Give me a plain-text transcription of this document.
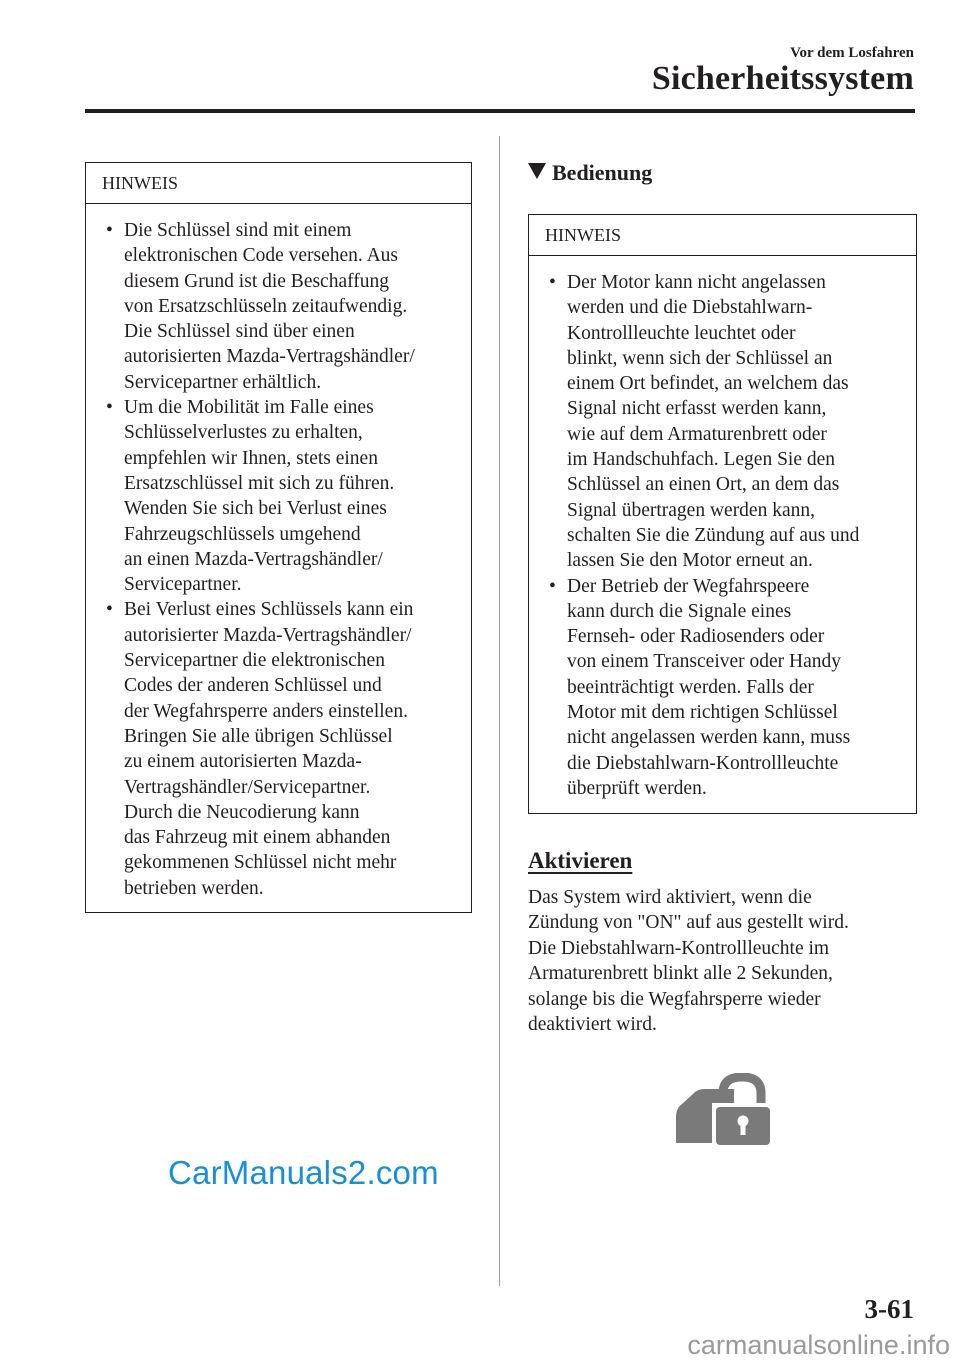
Vor dem Losfahren
Sicherheitssystem
HINWEIS
• Die Schlüssel sind mit einem
elektronischen Code versehen. Aus
diesem Grund ist die Beschaffung
von Ersatzschlüsseln zeitaufwendig.
Die Schlüssel sind über einen
autorisierten Mazda-Vertragshändler/
Servicepartner erhältlich.
• Um die Mobilität im Falle eines
Schlüsselverlustes zu erhalten,
empfehlen wir Ihnen, stets einen
Ersatzschlüssel mit sich zu führen.
Wenden Sie sich bei Verlust eines
Fahrzeugschlüssels umgehend
an einen Mazda-Vertragshändler/
Servicepartner.
• Bei Verlust eines Schlüssels kann ein
autorisierter Mazda-Vertragshändler/
Servicepartner die elektronischen
Codes der anderen Schlüssel und
der Wegfahrsperre anders einstellen.
Bringen Sie alle übrigen Schlüssel
zu einem autorisierten Mazda-
Vertragshändler/Servicepartner.
Durch die Neucodierung kann
das Fahrzeug mit einem abhanden
gekommenen Schlüssel nicht mehr
betrieben werden.
Bedienung
HINWEIS
• Der Motor kann nicht angelassen
werden und die Diebstahlwarn-
Kontrollleuchte leuchtet oder
blinkt, wenn sich der Schlüssel an
einem Ort befindet, an welchem das
Signal nicht erfasst werden kann,
wie auf dem Armaturenbrett oder
im Handschuhfach. Legen Sie den
Schlüssel an einen Ort, an dem das
Signal übertragen werden kann,
schalten Sie die Zündung auf aus und
lassen Sie den Motor erneut an.
• Der Betrieb der Wegfahrspeere
kann durch die Signale eines
Fernseh- oder Radiosenders oder
von einem Transceiver oder Handy
beeinträchtigt werden. Falls der
Motor mit dem richtigen Schlüssel
nicht angelassen werden kann, muss
die Diebstahlwarn-Kontrollleuchte
überprüft werden.
Aktivieren
Das System wird aktiviert, wenn die
Zündung von "ON" auf aus gestellt wird.
Die Diebstahlwarn-Kontrollleuchte im
Armaturenbrett blinkt alle 2 Sekunden,
solange bis die Wegfahrsperre wieder
deaktiviert wird.
CarManuals2.com
3-61
carmanualsonline.info
